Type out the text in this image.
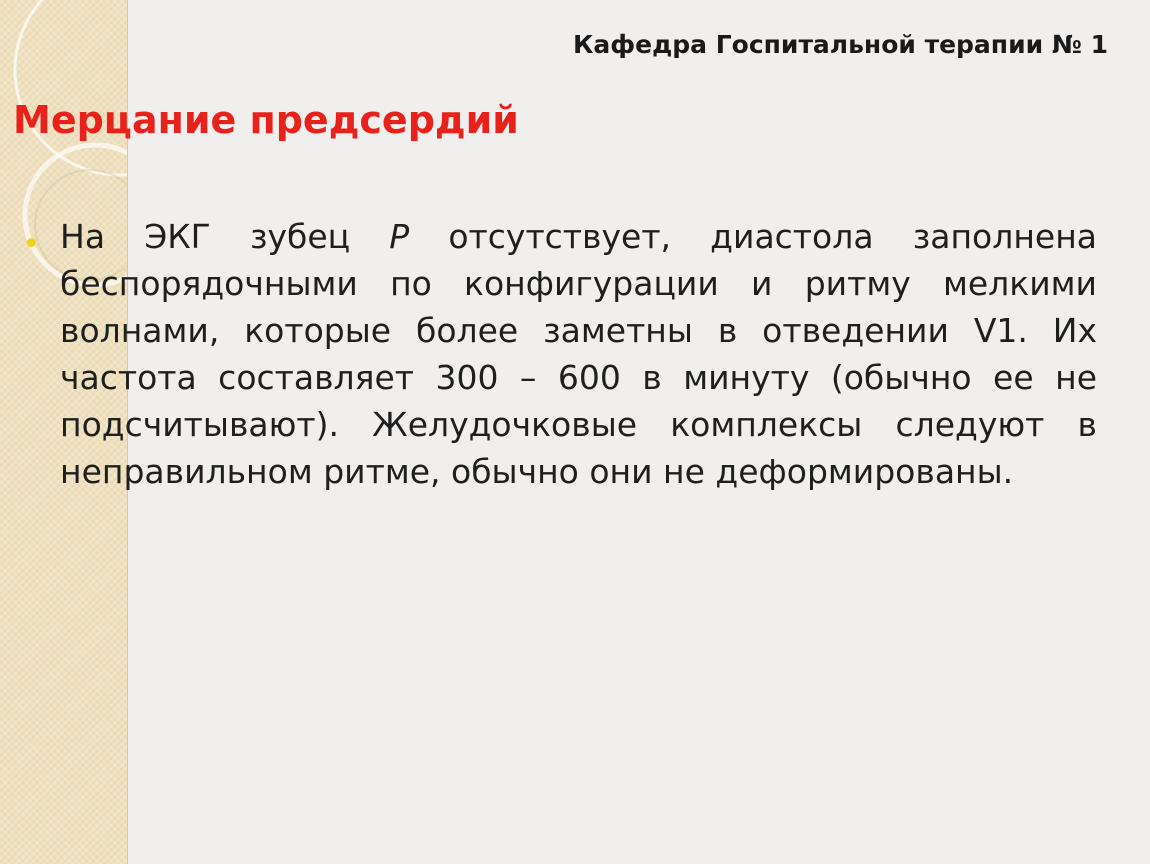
Кафедра Госпитальной терапии № 1
Мерцание предсердий

На ЭКГ зубец Р отсутствует, диастола заполнена беспорядочными по конфигурации и ритму мелкими волнами, которые более заметны в отведении V1. Их частота составляет 300 – 600 в минуту (обычно ее не подсчитывают). Желудочковые комплексы следуют в неправильном ритме, обычно они не деформированы.
